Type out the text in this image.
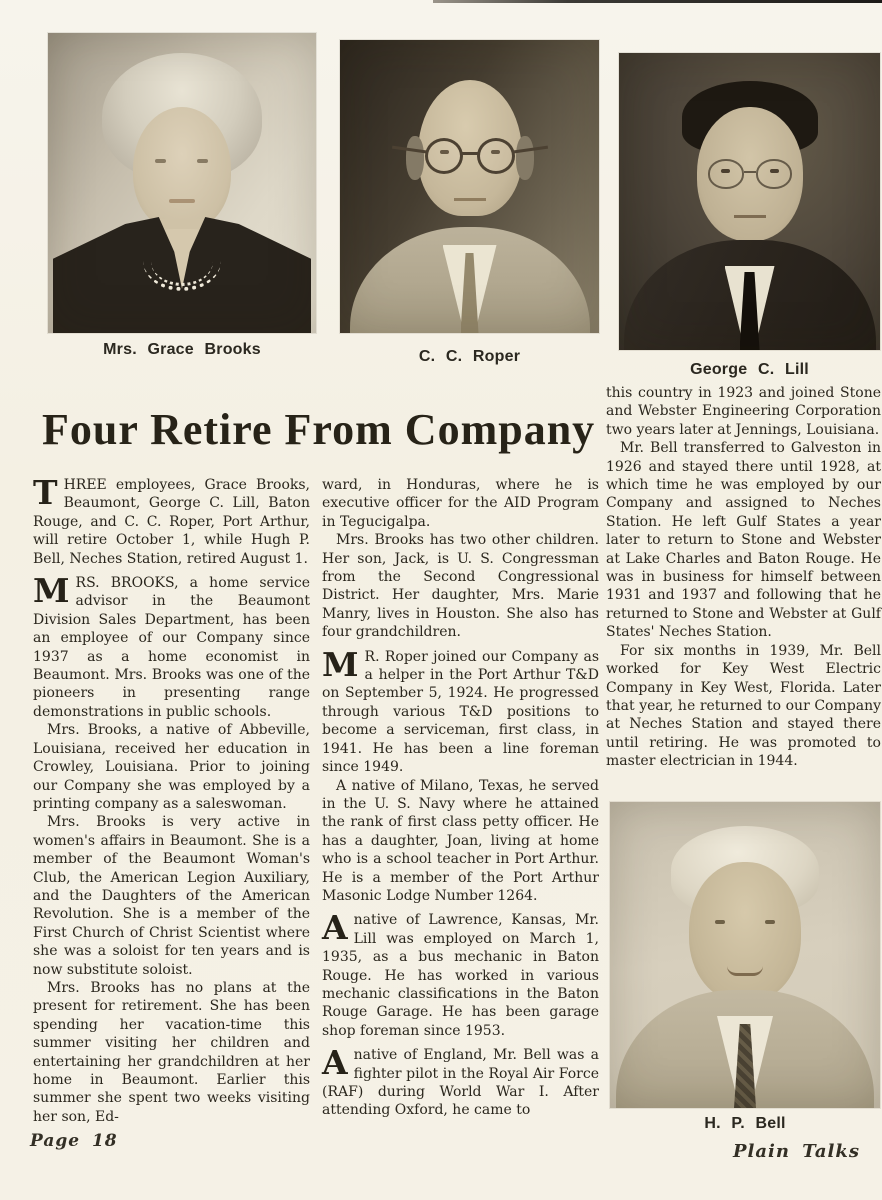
Mrs. Grace Brooks	C. C. Roper
George C. Lill
Four Retire From Company

THREE employees, Grace Brooks, Beaumont, George C. Lill, Baton Rouge, and C. C. Roper, Port Arthur, will retire October 1, while Hugh P. Bell, Neches Station, retired August 1.

MRS. BROOKS, a home service advisor in the Beaumont Division Sales Department, has been an employee of our Company since 1937 as a home economist in Beaumont. Mrs. Brooks was one of the pioneers in presenting range demonstrations in public schools.

Mrs. Brooks, a native of Abbeville, Louisiana, received her education in Crowley, Louisiana. Prior to joining our Company she was employed by a printing company as a saleswoman.

Mrs. Brooks is very active in women's affairs in Beaumont. She is a member of the Beaumont Woman's Club, the American Legion Auxiliary, and the Daughters of the American Revolution. She is a member of the First Church of Christ Scientist where she was a soloist for ten years and is now substitute soloist.

Mrs. Brooks has no plans at the present for retirement. She has been spending her vacation-time this summer visiting her children and entertaining her grandchildren at her home in Beaumont. Earlier this summer she spent two weeks visiting her son, Ed-

ward, in Honduras, where he is executive officer for the AID Program in Tegucigalpa.

Mrs. Brooks has two other children. Her son, Jack, is U. S. Congressman from the Second Congressional District. Her daughter, Mrs. Marie Manry, lives in Houston. She also has four grandchildren.

M R. Roper joined our Company as a helper in the Port Arthur T&D on September 5, 1924. He progressed through various T&D positions to become a serviceman, first class, in 1941. He has been a line foreman since 1949.

A native of Milano, Texas, he served in the U. S. Navy where he attained the rank of first class petty officer. He has a daughter, Joan, living at home who is a school teacher in Port Arthur. He is a member of the Port Arthur Masonic Lodge Number 1264.

Anative of Lawrence, Kansas, Mr. Lill was employed on March 1, 1935, as a bus mechanic in Baton Rouge. He has worked in various mechanic classifications in the Baton Rouge Garage. He has been garage shop foreman since 1953.

Anative of England, Mr. Bell was a fighter pilot in the Royal Air Force (RAF) during World War I. After attending Oxford, he came to

this country in 1923 and joined Stone and Webster Engineering Corporation two years later at Jennings, Louisiana.

Mr. Bell transferred to Galveston in 1926 and stayed there until 1928, at which time he was employed by our Company and assigned to Neches Station. He left Gulf States a year later to return to Stone and Webster at Lake Charles and Baton Rouge. He was in business for himself between 1931 and 1937 and following that he returned to Stone and Webster at Gulf States' Neches Station.

For six months in 1939, Mr. Bell worked for Key West Electric Company in Key West, Florida. Later that year, he returned to our Company at Neches Station and stayed there until retiring. He was promoted to master electrician in 1944.

H. P. Bell
Page 18	Plain Talks
